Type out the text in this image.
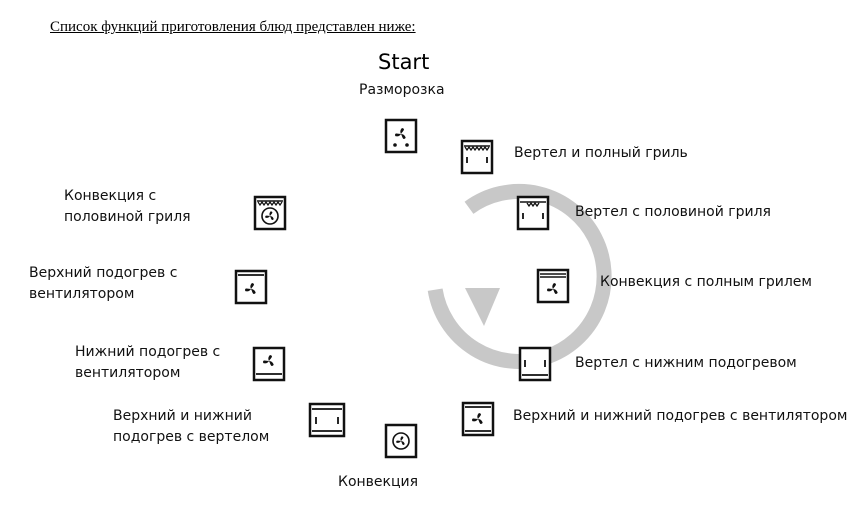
Список функций приготовления блюд представлен ниже:
Start
Разморозка
Вертел и полный гриль
Вертел с половиной гриля
Конвекция с полным грилем
Вертел с нижним подогревом
Верхний и нижний подогрев с вентилятором
Конвекция
Верхний и нижний
подогрев с вертелом
Нижний подогрев с
вентилятором
Верхний подогрев с
вентилятором
Конвекция с
половиной гриля
